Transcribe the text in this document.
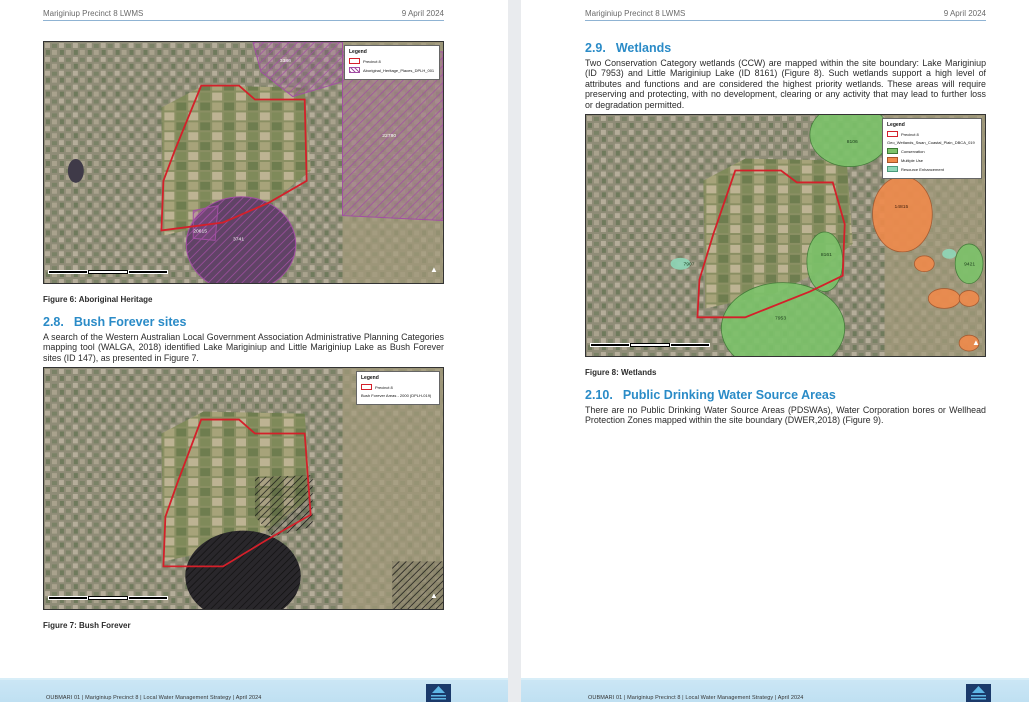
Mariginiup Precinct 8 LWMS	9 April 2024
3386
22780
3741
20615
Legend
Precinct 8
Aboriginal_Heritage_Places_DPLH_001
▲
Figure 6: Aboriginal Heritage
2.8. Bush Forever sites
A search of the Western Australian Local Government Association Administrative Planning Categories mapping tool (WALGA, 2018) identified Lake Mariginiup and Little Mariginiup Lake as Bush Forever sites (ID 147), as presented in Figure 7.
Legend
Precinct 8
Bush Forever Areas - 2000 (DPLH-019)
▲
Figure 7: Bush Forever
OUBMARI 01 | Mariginiup Precinct 8 | Local Water Management Strategy | April 2024
Mariginiup Precinct 8 LWMS	9 April 2024
2.9. Wetlands
Two Conservation Category wetlands (CCW) are mapped within the site boundary: Lake Mariginiup (ID 7953) and Little Mariginiup Lake (ID 8161) (Figure 8). Such wetlands support a high level of attributes and functions and are considered the highest priority wetlands. These areas will require preserving and protecting, with no development, clearing or any activity that may lead to further loss or degradation permitted.
7953
8161
8106
14815
7907	9421
Legend
Precinct 8
Geo_Wetlands_Swan_Coastal_Plain_DBCA_019
Conservation
Multiple Use
Resource Enhancement
▲
Figure 8: Wetlands
2.10. Public Drinking Water Source Areas
There are no Public Drinking Water Source Areas (PDSWAs), Water Corporation bores or Wellhead Protection Zones mapped within the site boundary (DWER,2018) (Figure 9).
OUBMARI 01 | Mariginiup Precinct 8 | Local Water Management Strategy | April 2024
